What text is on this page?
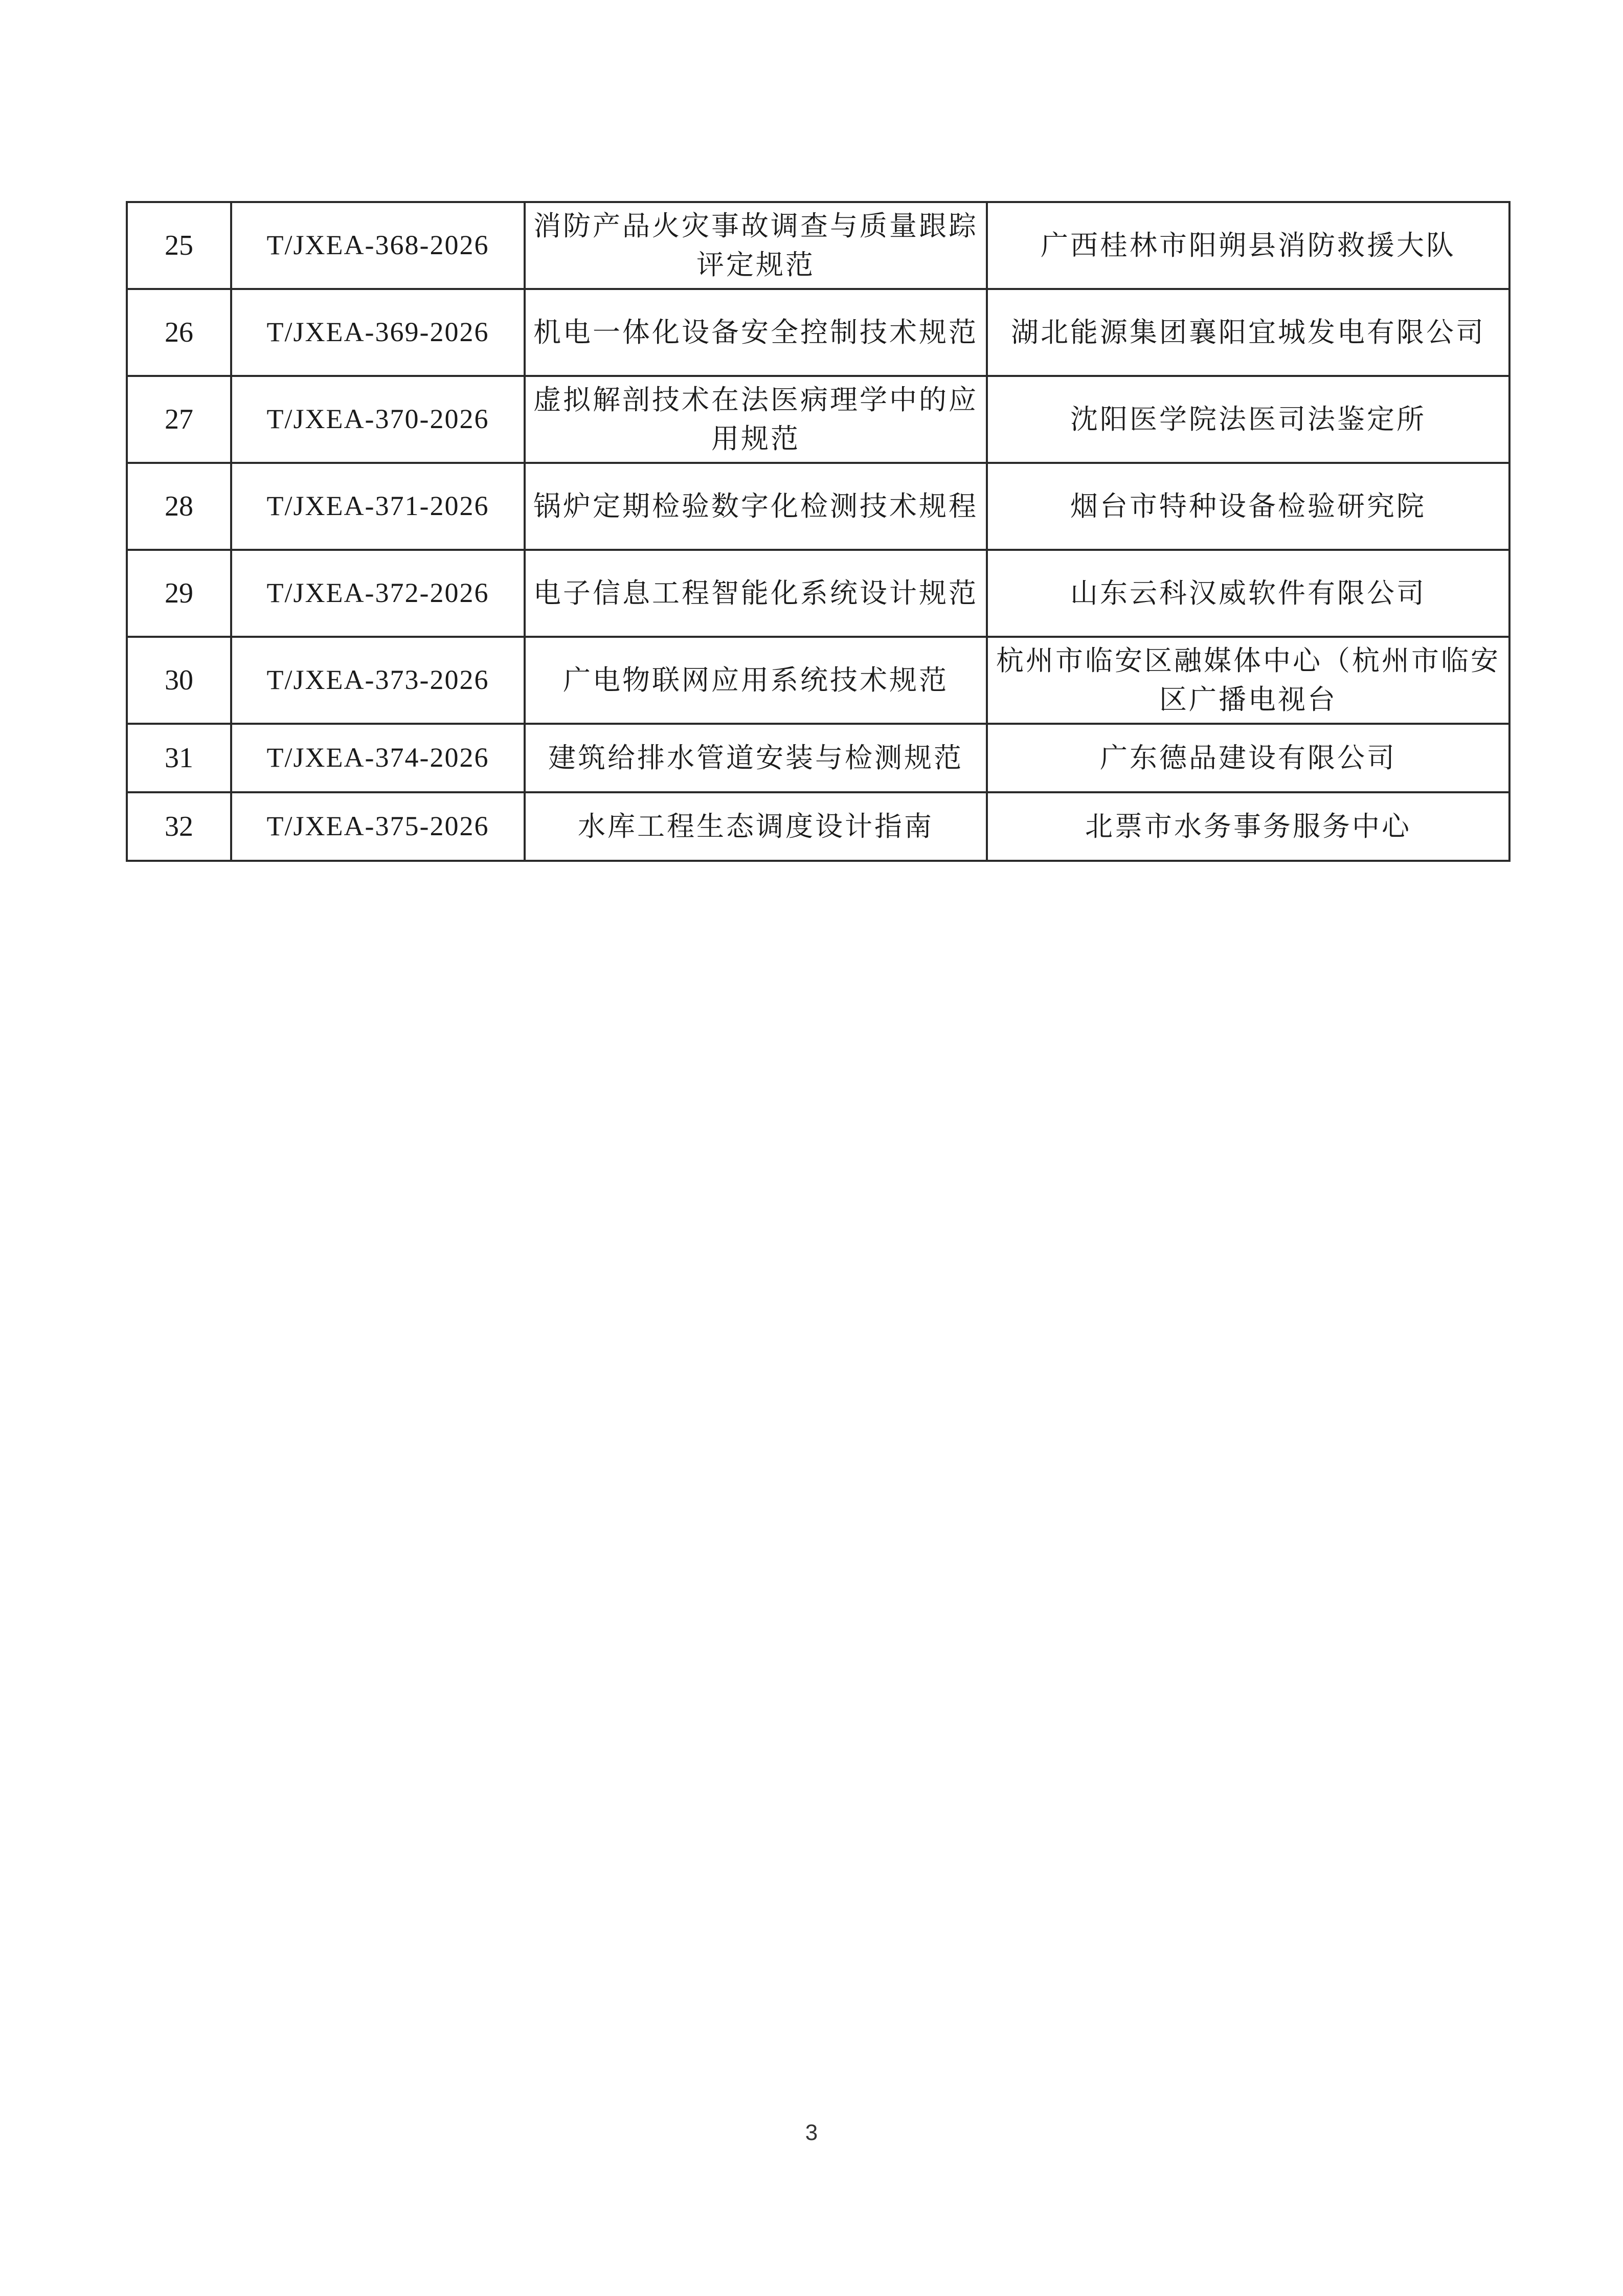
25	T/JXEA-368-2026	消防产品火灾事故调查与质量跟踪评定规范	广西桂林市阳朔县消防救援大队
26	T/JXEA-369-2026	机电一体化设备安全控制技术规范	湖北能源集团襄阳宜城发电有限公司
27	T/JXEA-370-2026	虚拟解剖技术在法医病理学中的应用规范	沈阳医学院法医司法鉴定所
28	T/JXEA-371-2026	锅炉定期检验数字化检测技术规程	烟台市特种设备检验研究院
29	T/JXEA-372-2026	电子信息工程智能化系统设计规范	山东云科汉威软件有限公司
30	T/JXEA-373-2026	广电物联网应用系统技术规范	杭州市临安区融媒体中心（杭州市临安区广播电视台
31	T/JXEA-374-2026	建筑给排水管道安装与检测规范	广东德品建设有限公司
32	T/JXEA-375-2026	水库工程生态调度设计指南	北票市水务事务服务中心
3
